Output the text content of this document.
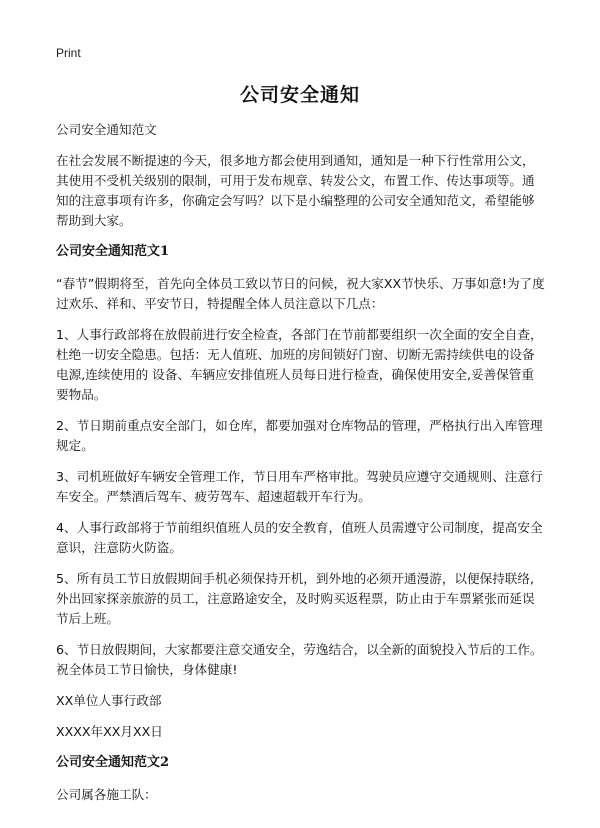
Print
公司安全通知

公司安全通知范文

在社会发展不断提速的今天，很多地方都会使用到通知，通知是一种下行性常用公文，其使用不受机关级别的限制，可用于发布规章、转发公文，布置工作、传达事项等。通知的注意事项有许多，你确定会写吗？以下是小编整理的公司安全通知范文，希望能够帮助到大家。

公司安全通知范文1

“春节”假期将至，首先向全体员工致以节日的问候，祝大家XX节快乐、万事如意!为了度过欢乐、祥和、平安节日，特提醒全体人员注意以下几点：

1、人事行政部将在放假前进行安全检查，各部门在节前都要组织一次全面的安全自查，杜绝一切安全隐患。包括：无人值班、加班的房间锁好门窗、切断无需持续供电的设备电源,连续使用的 设备、车辆应安排值班人员每日进行检查，确保使用安全,妥善保管重要物品。

2、节日期前重点安全部门，如仓库，都要加强对仓库物品的管理，严格执行出入库管理规定。

3、司机班做好车辆安全管理工作，节日用车严格审批。驾驶员应遵守交通规则、注意行车安全。严禁酒后驾车、疲劳驾车、超速超载开车行为。

4、人事行政部将于节前组织值班人员的安全教育，值班人员需遵守公司制度，提高安全意识，注意防火防盗。

5、所有员工节日放假期间手机必须保持开机，到外地的必须开通漫游，以便保持联络,外出回家探亲旅游的员工，注意路途安全，及时购买返程票，防止由于车票紧张而延误节后上班。

6、节日放假期间，大家都要注意交通安全，劳逸结合，以全新的面貌投入节后的工作。 祝全体员工节日愉快，身体健康!

XX单位人事行政部

XXXX年XX月XX日

公司安全通知范文2

公司属各施工队：
